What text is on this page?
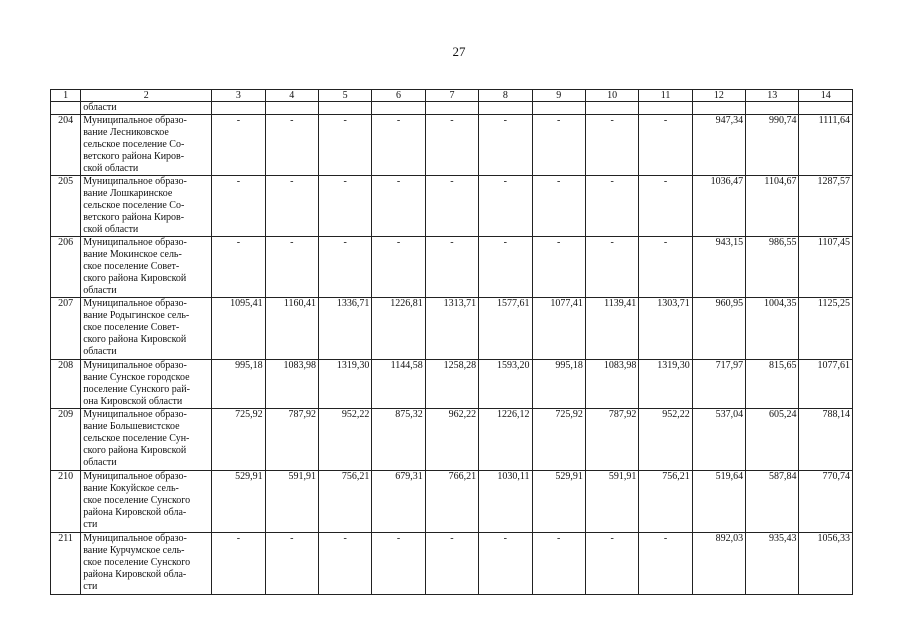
27
1	2	3	4	5	6	7	8	9	10	11	12	13	14
	области												
204	Муниципальное образо-
вание Лесниковское
сельское поселение Со-
ветского района Киров-
ской области	-	-	-	-	-	-	-	-	-	947,34	990,74	1111,64
205	Муниципальное образо-
вание Лошкаринское
сельское поселение Со-
ветского района Киров-
ской области	-	-	-	-	-	-	-	-	-	1036,47	1104,67	1287,57
206	Муниципальное образо-
вание Мокинское сель-
ское поселение Совет-
ского района Кировской
области	-	-	-	-	-	-	-	-	-	943,15	986,55	1107,45
207	Муниципальное образо-
вание Родыгинское сель-
ское поселение Совет-
ского района Кировской
области	1095,41	1160,41	1336,71	1226,81	1313,71	1577,61	1077,41	1139,41	1303,71	960,95	1004,35	1125,25
208	Муниципальное образо-
вание Сунское городское
поселение Сунского рай-
она Кировской области	995,18	1083,98	1319,30	1144,58	1258,28	1593,20	995,18	1083,98	1319,30	717,97	815,65	1077,61
209	Муниципальное образо-
вание Большевистское
сельское поселение Сун-
ского района Кировской
области	725,92	787,92	952,22	875,32	962,22	1226,12	725,92	787,92	952,22	537,04	605,24	788,14
210	Муниципальное образо-
вание Кокуйское сель-
ское поселение Сунского
района Кировской обла-
сти	529,91	591,91	756,21	679,31	766,21	1030,11	529,91	591,91	756,21	519,64	587,84	770,74
211	Муниципальное образо-
вание Курчумское сель-
ское поселение Сунского
района Кировской обла-
сти	-	-	-	-	-	-	-	-	-	892,03	935,43	1056,33
